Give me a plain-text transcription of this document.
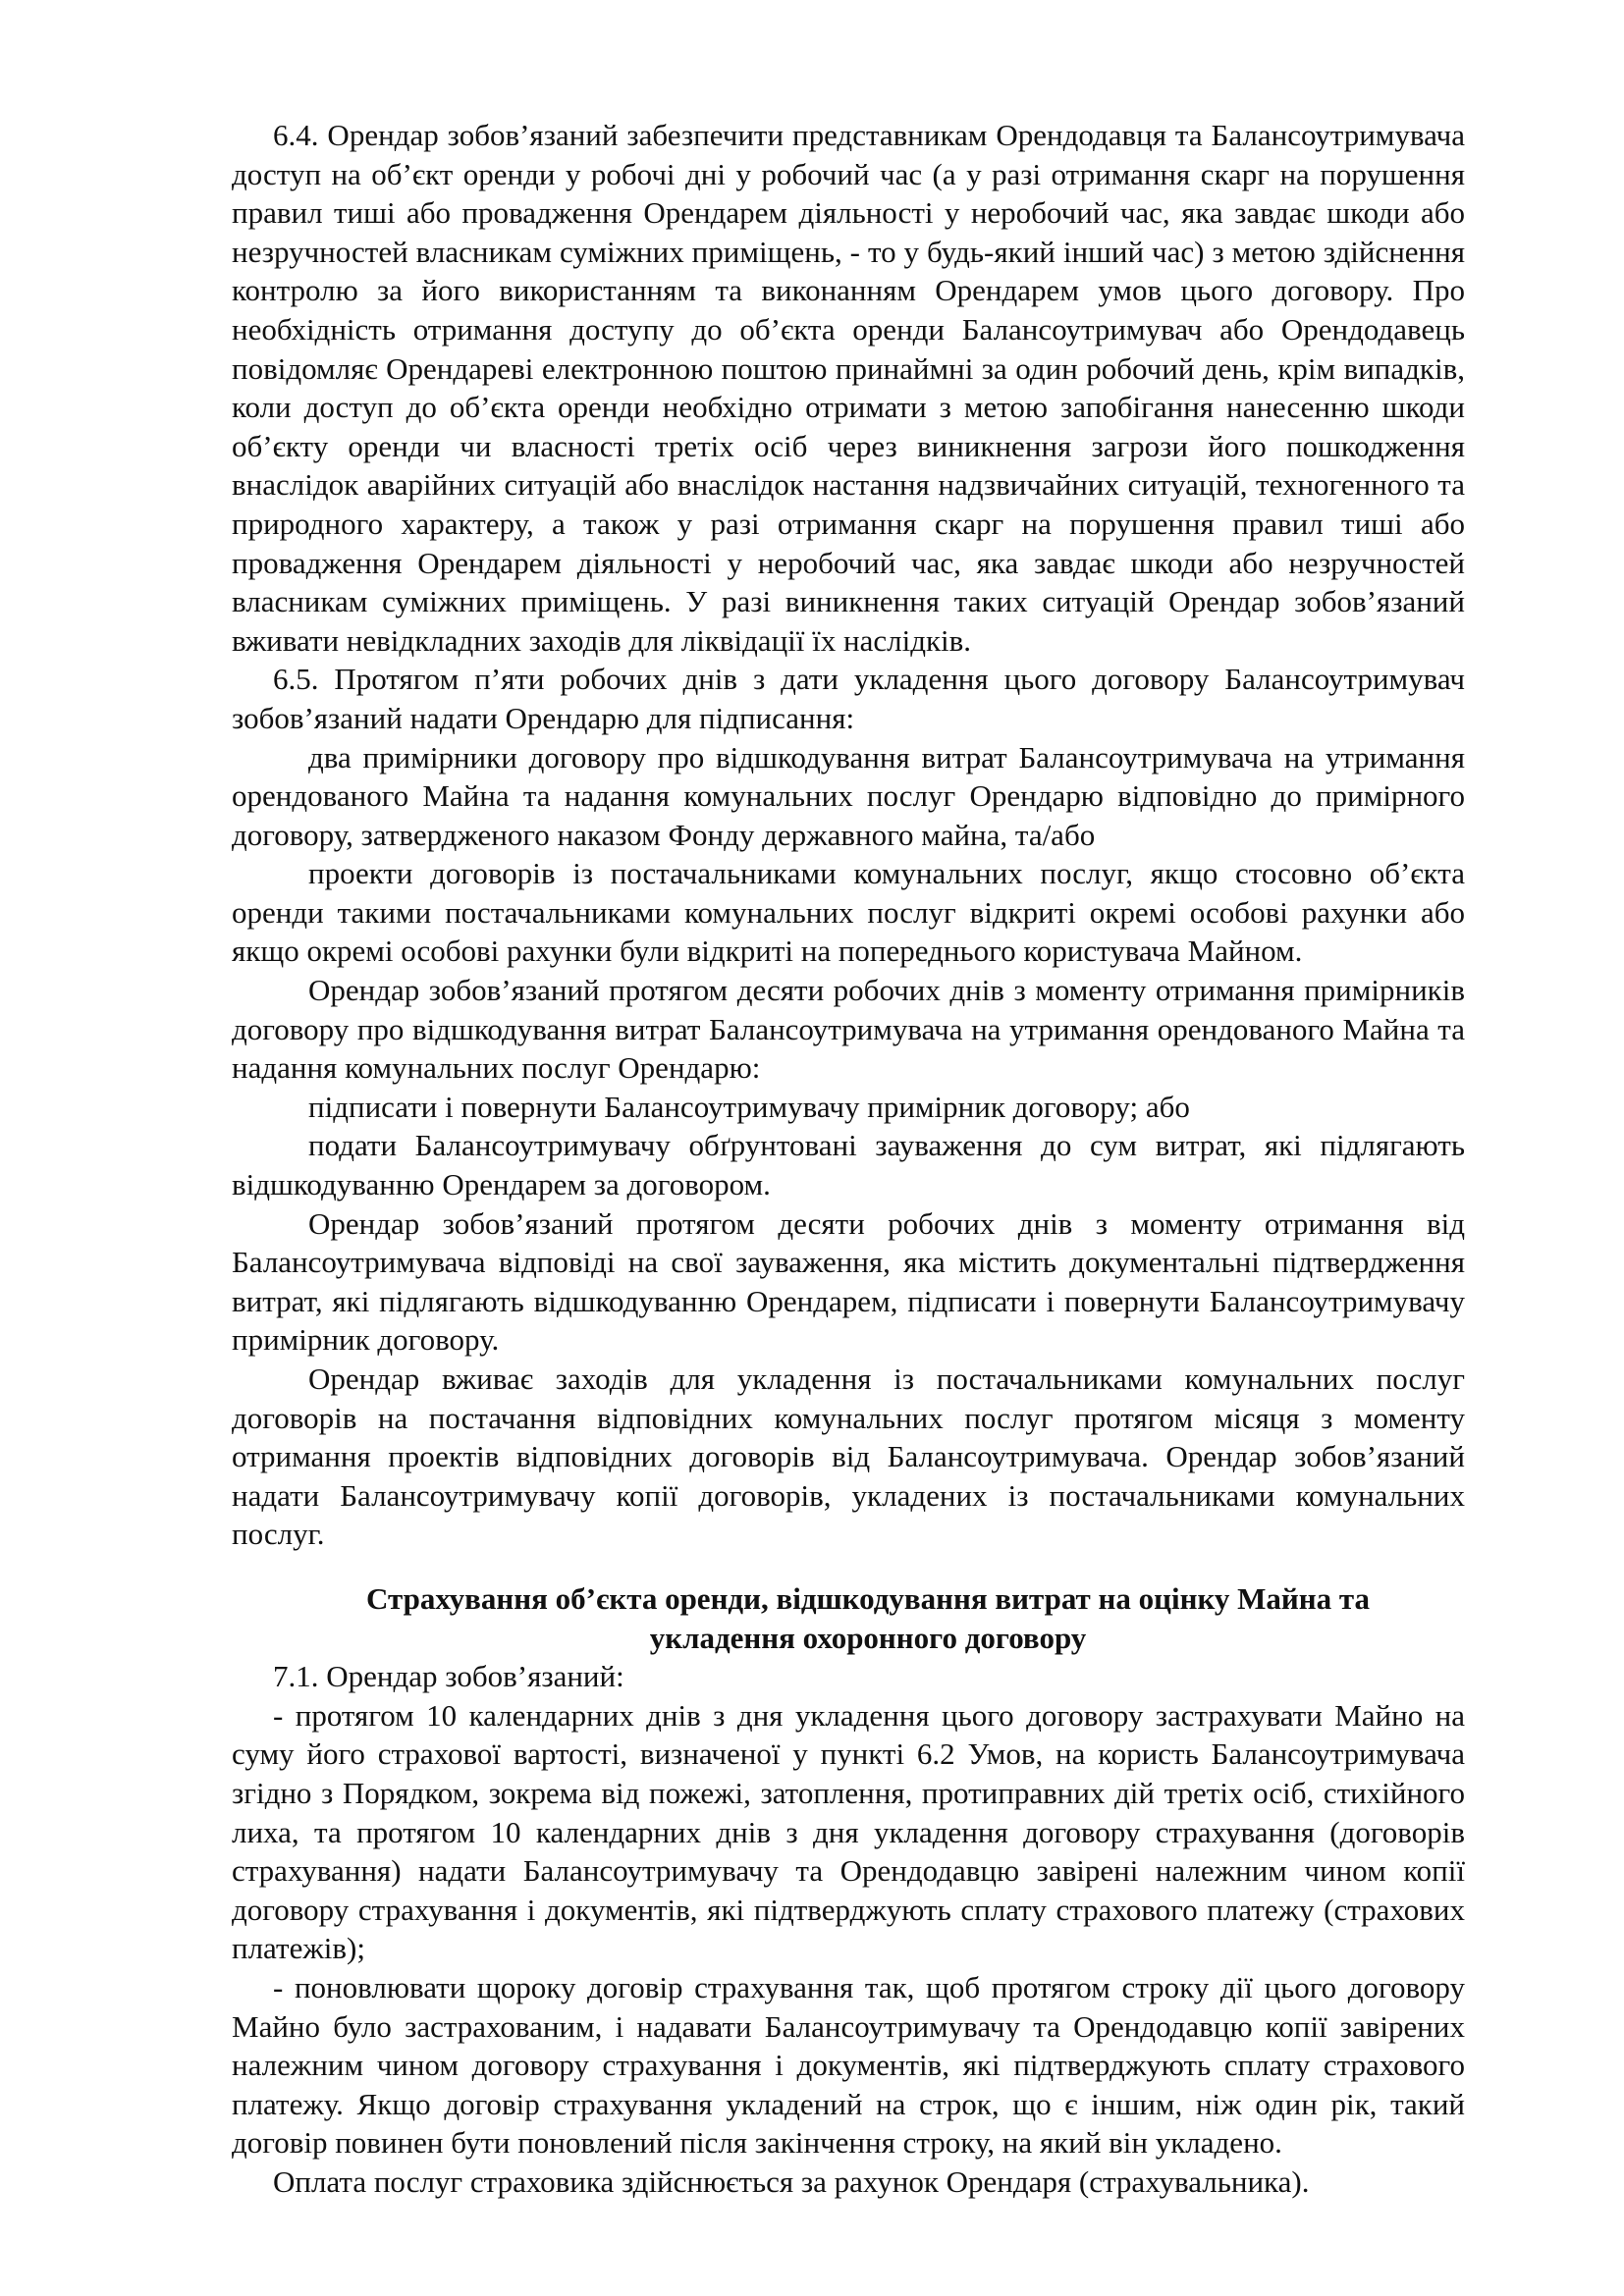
6.4. Орендар зобов’язаний забезпечити представникам Орендодавця та Балансоутримувача доступ на об’єкт оренди у робочі дні у робочий час (а у разі отримання скарг на порушення правил тиші або провадження Орендарем діяльності у неробочий час, яка завдає шкоди або незручностей власникам суміжних приміщень, - то у будь-який інший час) з метою здійснення контролю за його використанням та виконанням Орендарем умов цього договору. Про необхідність отримання доступу до об’єкта оренди Балансоутримувач або Орендодавець повідомляє Орендареві електронною поштою принаймні за один робочий день, крім випадків, коли доступ до об’єкта оренди необхідно отримати з метою запобігання нанесенню шкоди об’єкту оренди чи власності третіх осіб через виникнення загрози його пошкодження внаслідок аварійних ситуацій або внаслідок настання надзвичайних ситуацій, техногенного та природного характеру, а також у разі отримання скарг на порушення правил тиші або провадження Орендарем діяльності у неробочий час, яка завдає шкоди або незручностей власникам суміжних приміщень. У разі виникнення таких ситуацій Орендар зобов’язаний вживати невідкладних заходів для ліквідації їх наслідків.

6.5. Протягом п’яти робочих днів з дати укладення цього договору Балансоутримувач зобов’язаний надати Орендарю для підписання:

два примірники договору про відшкодування витрат Балансоутримувача на утримання орендованого Майна та надання комунальних послуг Орендарю відповідно до примірного договору, затвердженого наказом Фонду державного майна, та/або

проекти договорів із постачальниками комунальних послуг, якщо стосовно об’єкта оренди такими постачальниками комунальних послуг відкриті окремі особові рахунки або якщо окремі особові рахунки були відкриті на попереднього користувача Майном.

Орендар зобов’язаний протягом десяти робочих днів з моменту отримання примірників договору про відшкодування витрат Балансоутримувача на утримання орендованого Майна та надання комунальних послуг Орендарю:

підписати і повернути Балансоутримувачу примірник договору; або

подати Балансоутримувачу обґрунтовані зауваження до сум витрат, які підлягають відшкодуванню Орендарем за договором.

Орендар зобов’язаний протягом десяти робочих днів з моменту отримання від Балансоутримувача відповіді на свої зауваження, яка містить документальні підтвердження витрат, які підлягають відшкодуванню Орендарем, підписати і повернути Балансоутримувачу примірник договору.

Орендар вживає заходів для укладення із постачальниками комунальних послуг договорів на постачання відповідних комунальних послуг протягом місяця з моменту отримання проектів відповідних договорів від Балансоутримувача. Орендар зобов’язаний надати Балансоутримувачу копії договорів, укладених із постачальниками комунальних послуг.

Страхування об’єкта оренди, відшкодування витрат на оцінку Майна та
укладення охоронного договору

7.1. Орендар зобов’язаний:

- протягом 10 календарних днів з дня укладення цього договору застрахувати Майно на суму його страхової вартості, визначеної у пункті 6.2 Умов, на користь Балансоутримувача згідно з Порядком, зокрема від пожежі, затоплення, протиправних дій третіх осіб, стихійного лиха, та протягом 10 календарних днів з дня укладення договору страхування (договорів страхування) надати Балансоутримувачу та Орендодавцю завірені належним чином копії договору страхування і документів, які підтверджують сплату страхового платежу (страхових платежів);

- поновлювати щороку договір страхування так, щоб протягом строку дії цього договору Майно було застрахованим, і надавати Балансоутримувачу та Орендодавцю копії завірених належним чином договору страхування і документів, які підтверджують сплату страхового платежу. Якщо договір страхування укладений на строк, що є іншим, ніж один рік, такий договір повинен бути поновлений після закінчення строку, на який він укладено.

Оплата послуг страховика здійснюється за рахунок Орендаря (страхувальника).
